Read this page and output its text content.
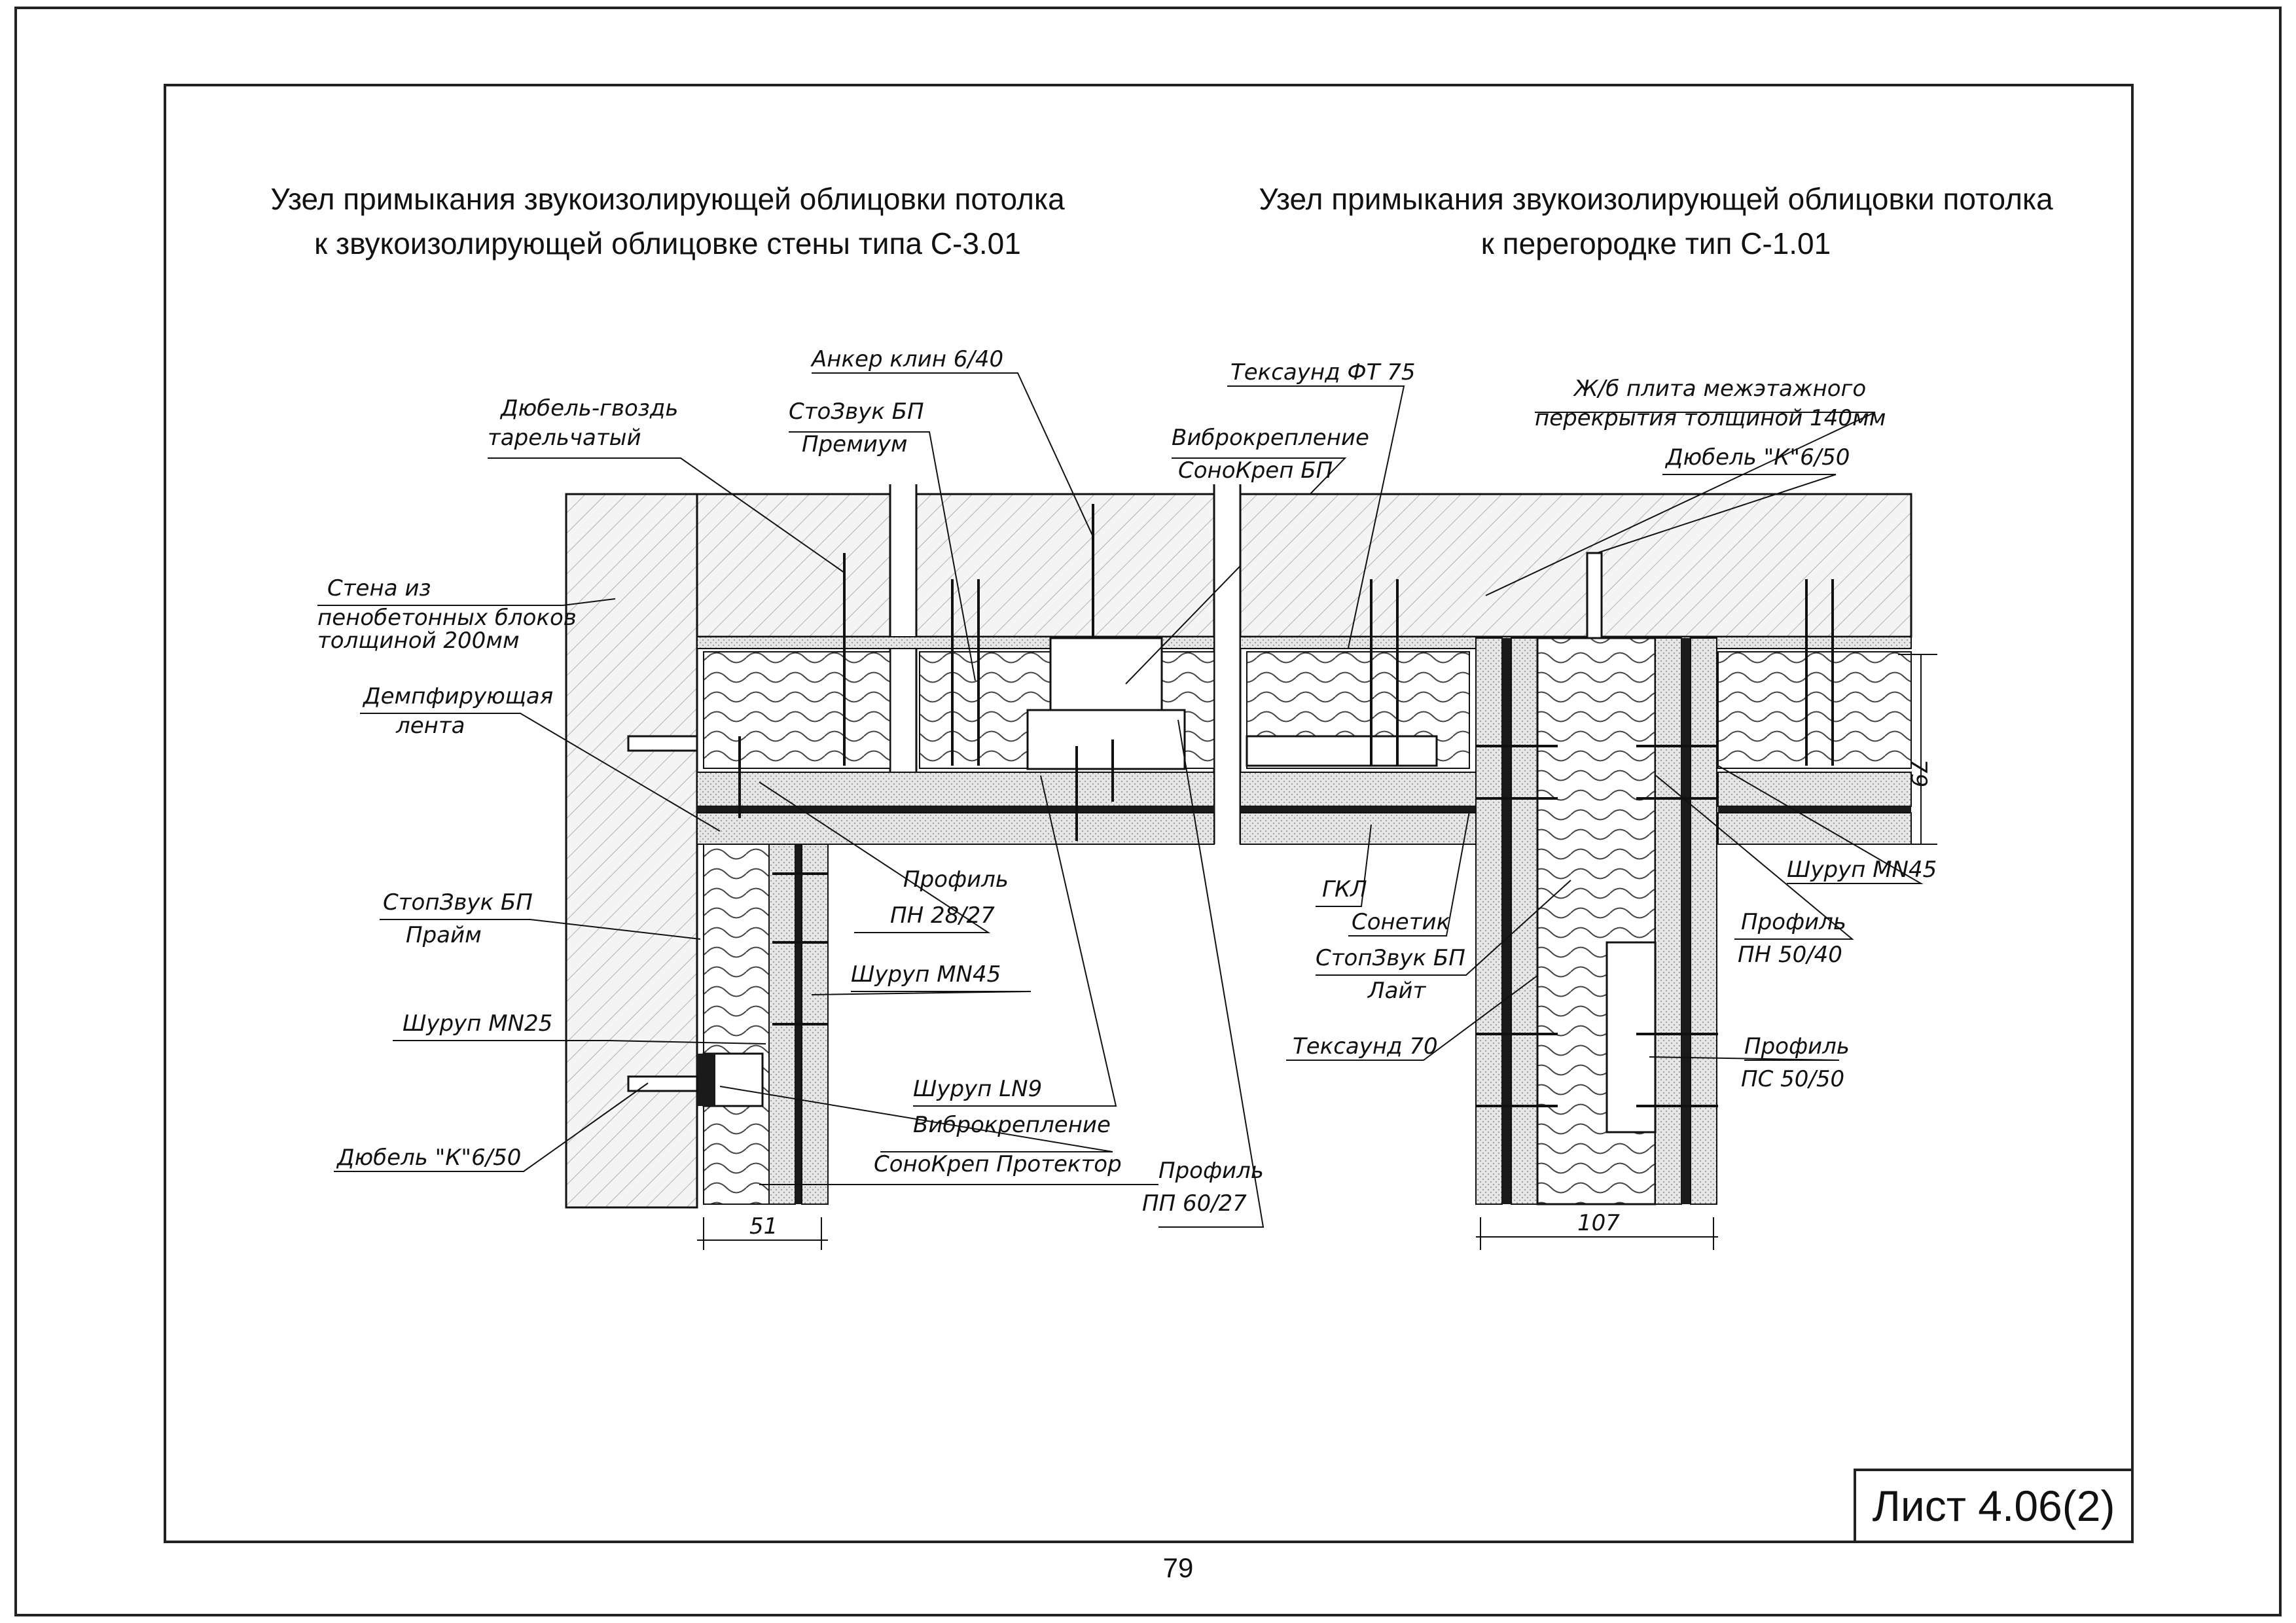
Узел примыкания звукоизолирующей облицовки потолка
к звукоизолирующей облицовке стены типа С-3.01
Узел примыкания звукоизолирующей облицовки потолка
к перегородке тип С-1.01
51
Дюбель-гвоздь
тарельчатый
Анкер клин 6/40
СтоЗвук БП
Премиум	Виброкрепление
СоноКреп БП
Стена из
пенобетонных блоков
толщиной 200мм
Демпфирующая
лента
Профиль
ПН 28/27
СтопЗвук БП
Прайм
Шуруп MN45
Шуруп MN25
Шуруп LN9
Виброкрепление
СоноКреп Протектор
Дюбель "К"6/50	Профиль
ПП 60/27
79
107
Тексаунд ФТ 75
Ж/б плита межэтажного
перекрытия толщиной 140мм
Дюбель "К"6/50
ГКЛ
Сонетик
СтопЗвук БП
Лайт
Шуруп MN45
Профиль
ПН 50/40
Тексаунд 70	Профиль
ПС 50/50
Лист 4.06(2)
79
